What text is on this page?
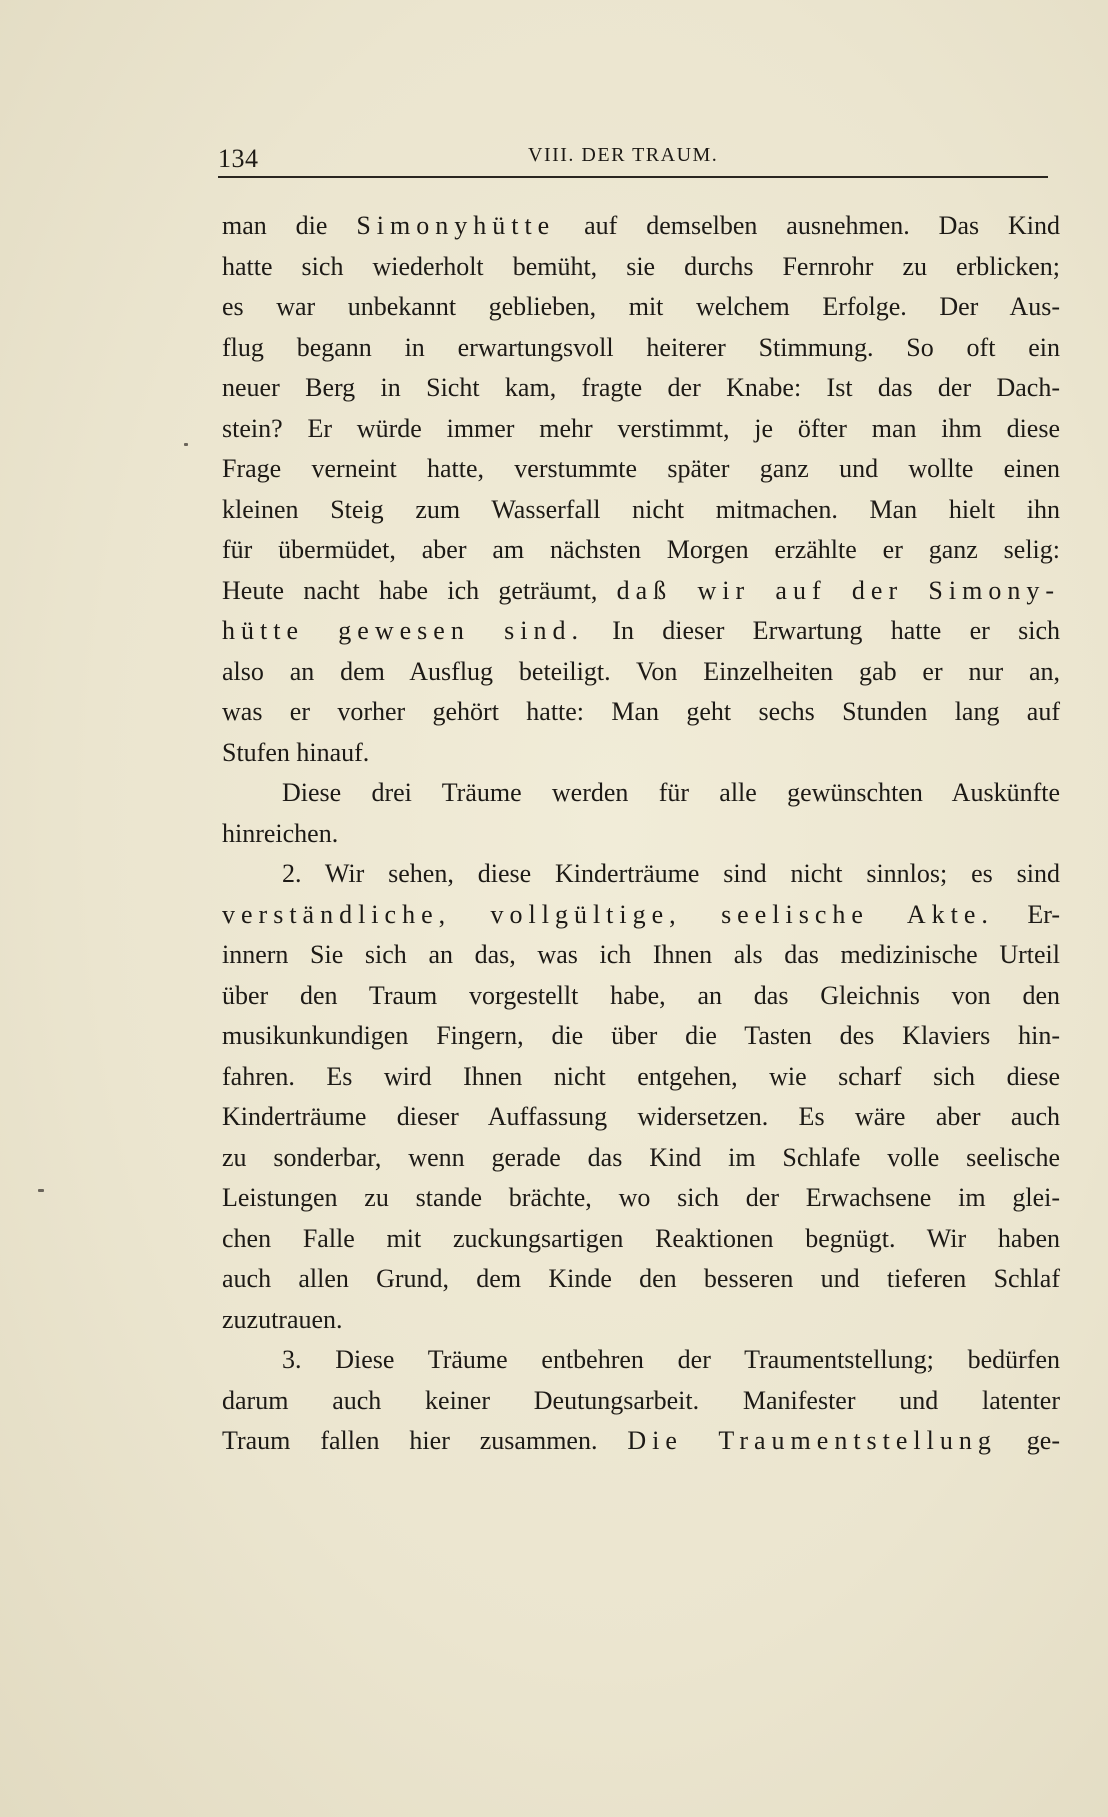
134	VIII. DER TRAUM.
man die Simonyhütte auf demselben ausnehmen. Das Kind
hatte sich wiederholt bemüht, sie durchs Fernrohr zu erblicken;
es war unbekannt geblieben, mit welchem Erfolge. Der Aus-
flug begann in erwartungsvoll heiterer Stimmung. So oft ein
neuer Berg in Sicht kam, fragte der Knabe: Ist das der Dach-
stein? Er würde immer mehr verstimmt, je öfter man ihm diese
Frage verneint hatte, verstummte später ganz und wollte einen
kleinen Steig zum Wasserfall nicht mitmachen. Man hielt ihn
für übermüdet, aber am nächsten Morgen erzählte er ganz selig:
Heute nacht habe ich geträumt, daß wir auf der Simony-
hütte gewesen sind. In dieser Erwartung hatte er sich
also an dem Ausflug beteiligt. Von Einzelheiten gab er nur an,
was er vorher gehört hatte: Man geht sechs Stunden lang auf
Stufen hinauf.
Diese drei Träume werden für alle gewünschten Auskünfte
hinreichen.
2. Wir sehen, diese Kinderträume sind nicht sinnlos; es sind
verständliche, vollgültige, seelische Akte. Er-
innern Sie sich an das, was ich Ihnen als das medizinische Urteil
über den Traum vorgestellt habe, an das Gleichnis von den
musikunkundigen Fingern, die über die Tasten des Klaviers hin-
fahren. Es wird Ihnen nicht entgehen, wie scharf sich diese
Kinderträume dieser Auffassung widersetzen. Es wäre aber auch
zu sonderbar, wenn gerade das Kind im Schlafe volle seelische
Leistungen zu stande brächte, wo sich der Erwachsene im glei-
chen Falle mit zuckungsartigen Reaktionen begnügt. Wir haben
auch allen Grund, dem Kinde den besseren und tieferen Schlaf
zuzutrauen.
3. Diese Träume entbehren der Traumentstellung; bedürfen
darum auch keiner Deutungsarbeit. Manifester und latenter
Traum fallen hier zusammen. Die Traumentstellung ge-
